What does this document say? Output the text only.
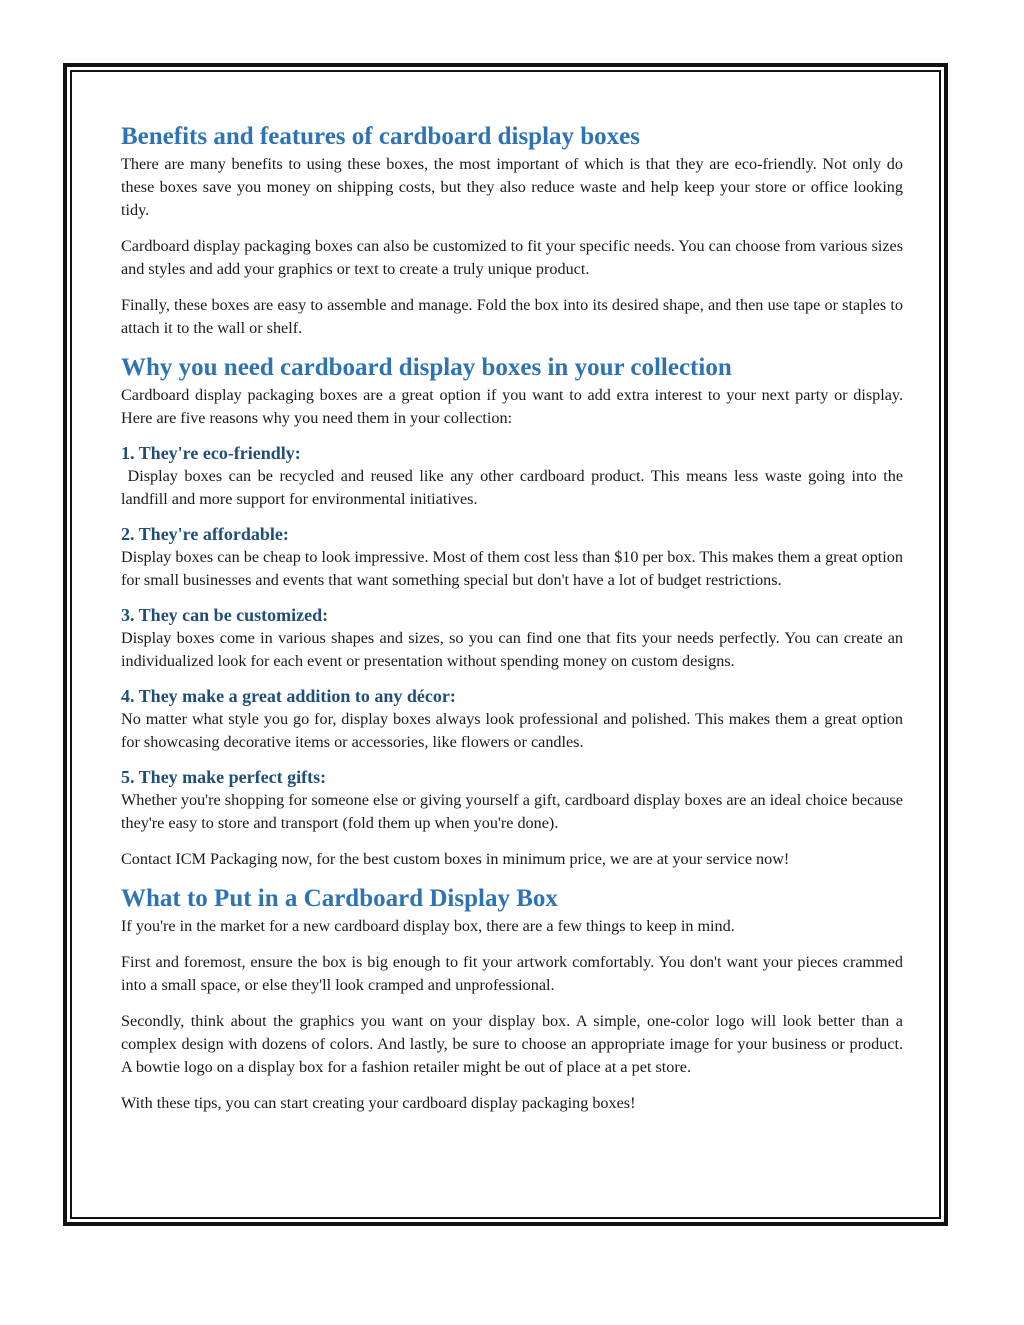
Benefits and features of cardboard display boxes

There are many benefits to using these boxes, the most important of which is that they are eco-friendly. Not only do these boxes save you money on shipping costs, but they also reduce waste and help keep your store or office looking tidy.

Cardboard display packaging boxes can also be customized to fit your specific needs. You can choose from various sizes and styles and add your graphics or text to create a truly unique product.

Finally, these boxes are easy to assemble and manage. Fold the box into its desired shape, and then use tape or staples to attach it to the wall or shelf.

Why you need cardboard display boxes in your collection

Cardboard display packaging boxes are a great option if you want to add extra interest to your next party or display. Here are five reasons why you need them in your collection:

1. They're eco-friendly:

Display boxes can be recycled and reused like any other cardboard product. This means less waste going into the landfill and more support for environmental initiatives.

2. They're affordable:

Display boxes can be cheap to look impressive. Most of them cost less than $10 per box. This makes them a great option for small businesses and events that want something special but don't have a lot of budget restrictions.

3. They can be customized:

Display boxes come in various shapes and sizes, so you can find one that fits your needs perfectly. You can create an individualized look for each event or presentation without spending money on custom designs.

4. They make a great addition to any décor:

No matter what style you go for, display boxes always look professional and polished. This makes them a great option for showcasing decorative items or accessories, like flowers or candles.

5. They make perfect gifts:

Whether you're shopping for someone else or giving yourself a gift, cardboard display boxes are an ideal choice because they're easy to store and transport (fold them up when you're done).

Contact ICM Packaging now, for the best custom boxes in minimum price, we are at your service now!

What to Put in a Cardboard Display Box

If you're in the market for a new cardboard display box, there are a few things to keep in mind.

First and foremost, ensure the box is big enough to fit your artwork comfortably. You don't want your pieces crammed into a small space, or else they'll look cramped and unprofessional.

Secondly, think about the graphics you want on your display box. A simple, one-color logo will look better than a complex design with dozens of colors. And lastly, be sure to choose an appropriate image for your business or product. A bowtie logo on a display box for a fashion retailer might be out of place at a pet store.

With these tips, you can start creating your cardboard display packaging boxes!
